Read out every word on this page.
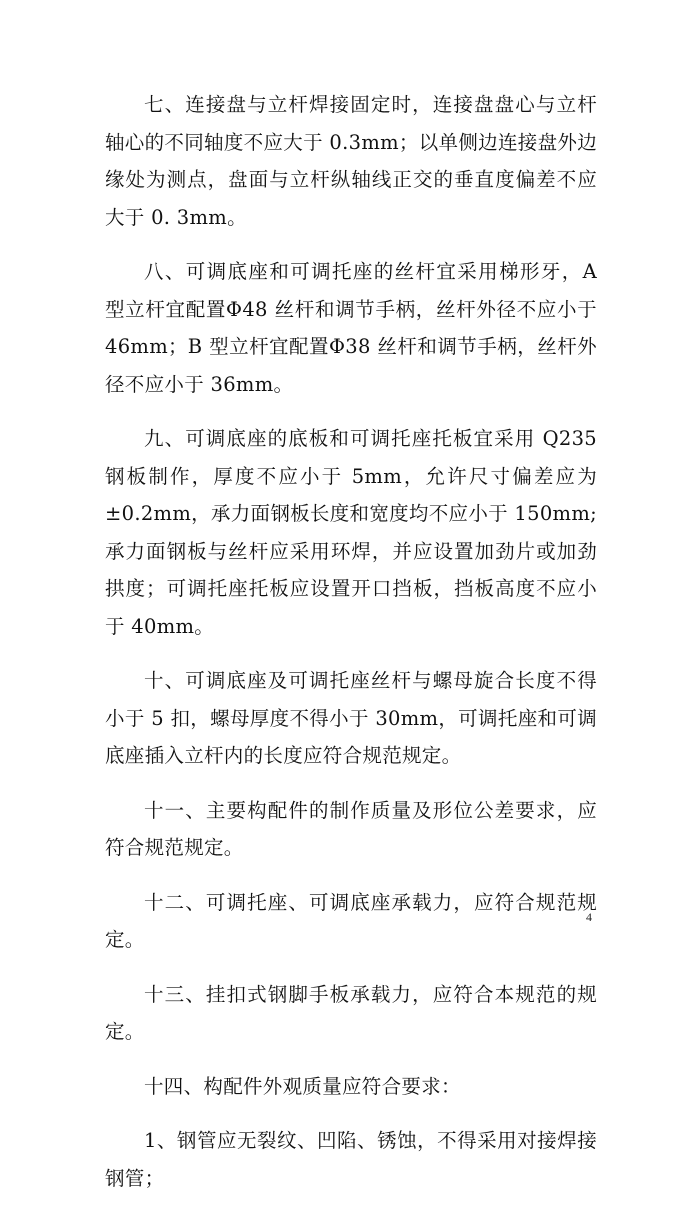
七、连接盘与立杆焊接固定时，连接盘盘心与立杆轴心的不同轴度不应大于 0.3mm；以单侧边连接盘外边缘处为测点，盘面与立杆纵轴线正交的垂直度偏差不应大于 0. 3mm。

八、可调底座和可调托座的丝杆宜采用梯形牙，A 型立杆宜配置Φ48 丝杆和调节手柄，丝杆外径不应小于 46mm；B 型立杆宜配置Φ38 丝杆和调节手柄，丝杆外径不应小于 36mm。

九、可调底座的底板和可调托座托板宜采用 Q235 钢板制作，厚度不应小于 5mm，允许尺寸偏差应为±0.2mm，承力面钢板长度和宽度均不应小于 150mm;承力面钢板与丝杆应采用环焊，并应设置加劲片或加劲拱度；可调托座托板应设置开口挡板，挡板高度不应小于 40mm。

十、可调底座及可调托座丝杆与螺母旋合长度不得小于 5 扣，螺母厚度不得小于 30mm，可调托座和可调底座插入立杆内的长度应符合规范规定。

十一、主要构配件的制作质量及形位公差要求，应符合规范规定。

十二、可调托座、可调底座承载力，应符合规范规定。

十三、挂扣式钢脚手板承载力，应符合本规范的规定。

十四、构配件外观质量应符合要求：

1、钢管应无裂纹、凹陷、锈蚀，不得采用对接焊接钢管；

4
